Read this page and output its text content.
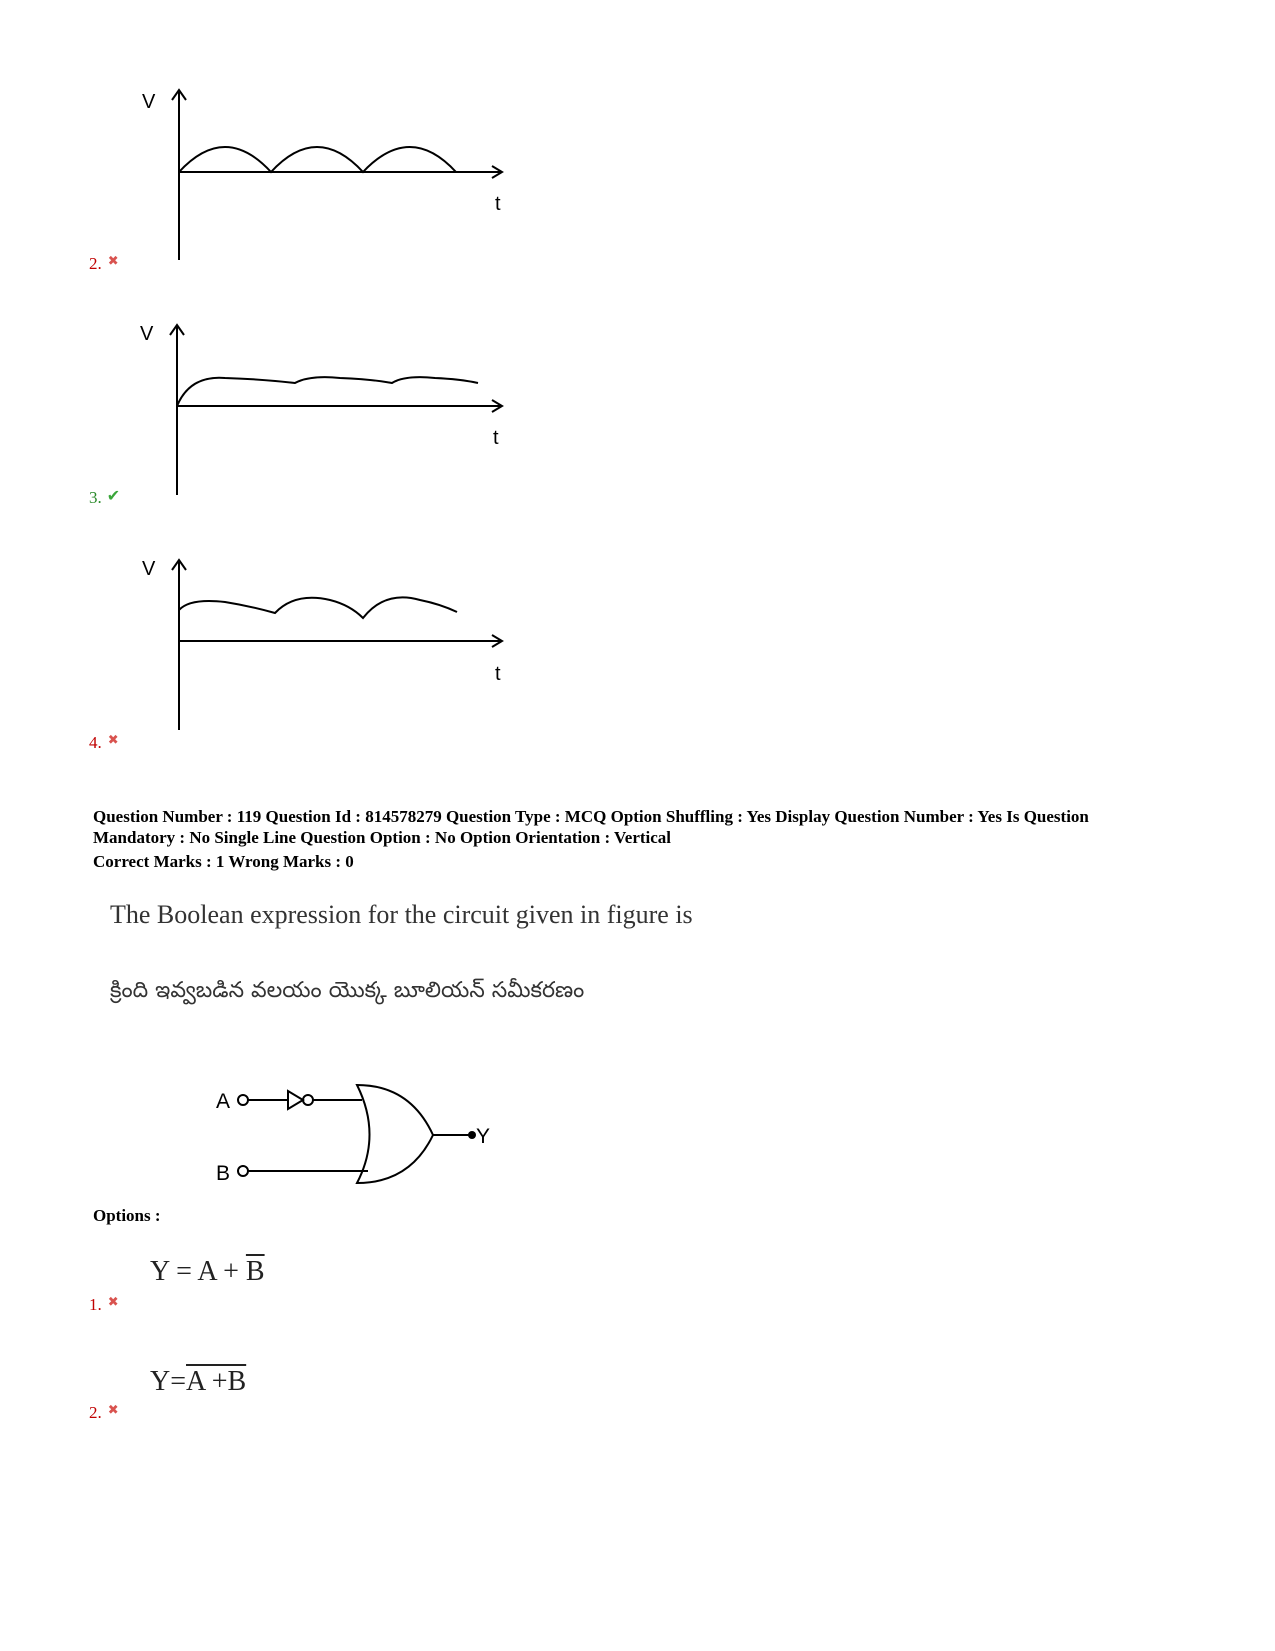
V
t
2. ✖
V
t
3. ✔
V
t
4. ✖
Question Number : 119 Question Id : 814578279 Question Type : MCQ Option Shuffling : Yes Display Question Number : Yes Is Question
Mandatory : No Single Line Question Option : No Option Orientation : Vertical
Correct Marks : 1 Wrong Marks : 0
The Boolean expression for the circuit given in figure is
క్రింది ఇవ్వబడిన వలయం యొక్క బూలియన్ సమీకరణం
A
B
Y
Options :
$Y = A + \overline{B}$
1. ✖
Y=A +B
2. ✖
